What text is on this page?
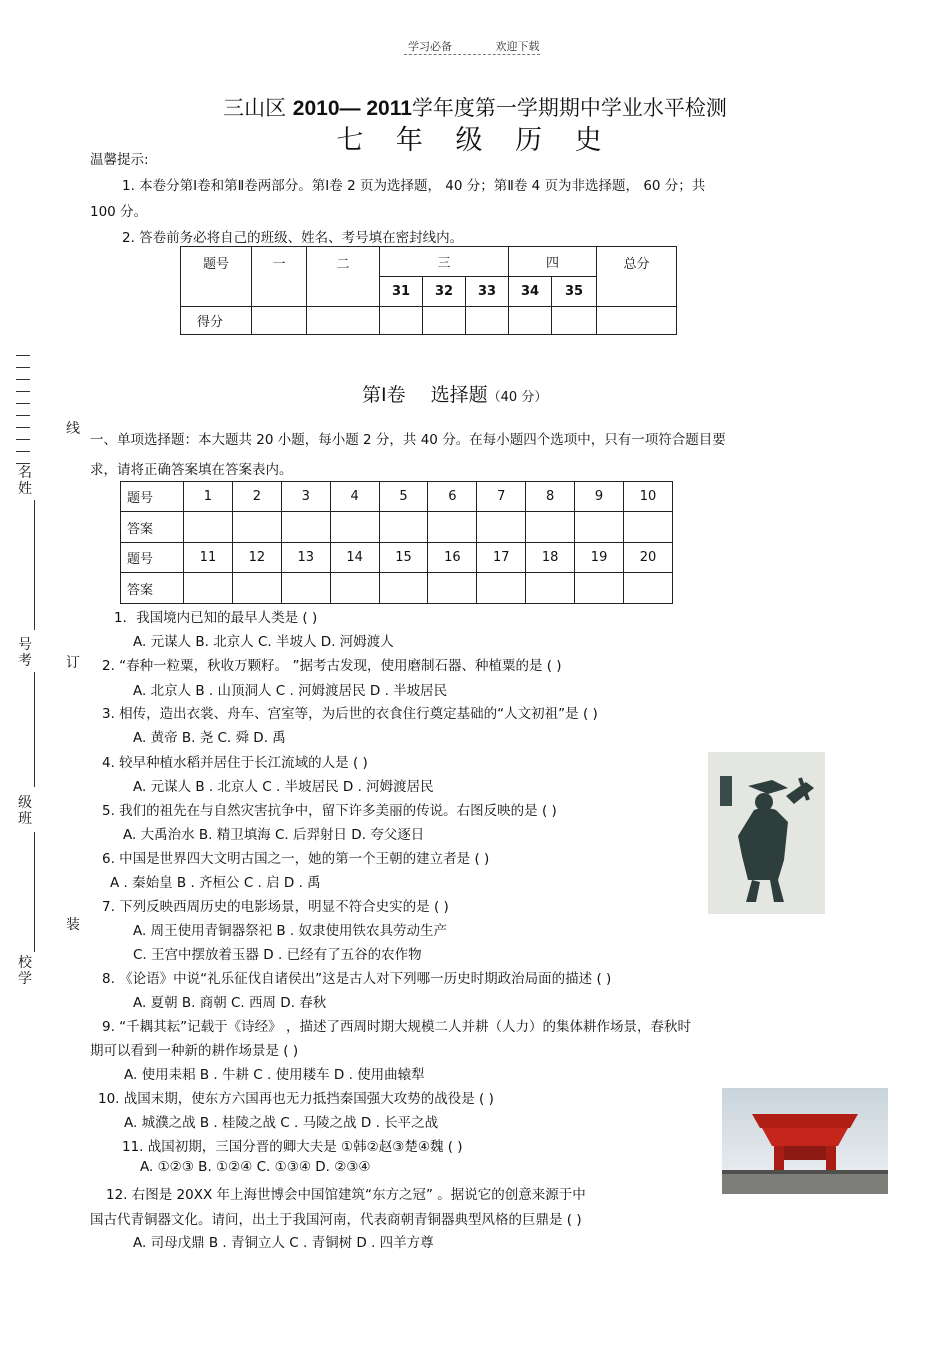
学习必备	欢迎下载
三山区 2010— 2011学年度第一学期期中学业水平检测
七 年 级 历 史
温馨提示:
1. 本卷分第Ⅰ卷和第Ⅱ卷两部分。第Ⅰ卷 2 页为选择题， 40 分；第Ⅱ卷 4 页为非选择题， 60 分；共
100 分。
2. 答卷前务必将自己的班级、姓名、考号填在密封线内。
题号	一	二	三			四		总分
			31	32	33	34	35	
得分								
名
姓
号
考
级
班
校
学
线
订
装
第Ⅰ卷　 选择题（40 分）
一、单项选择题：本大题共 20 小题，每小题 2 分，共 40 分。在每小题四个选项中，只有一项符合题目要
求，请将正确答案填在答案表内。
题号	1	2	3	4	5	6	7	8	9	10
答案										
题号	11	12	13	14	15	16	17	18	19	20
答案										
1．我国境内已知的最早人类是 ( )
A. 元谋人 B. 北京人 C. 半坡人 D. 河姆渡人
2. “春种一粒粟，秋收万颗籽。 ”据考古发现，使用磨制石器、种植粟的是 ( )
A. 北京人 B . 山顶洞人 C . 河姆渡居民 D . 半坡居民
3. 相传，造出衣裳、舟车、宫室等，为后世的衣食住行奠定基础的“人文初祖”是 ( )
A. 黄帝 B. 尧 C. 舜 D. 禹
4. 较早种植水稻并居住于长江流域的人是 ( )
A. 元谋人 B . 北京人 C . 半坡居民 D . 河姆渡居民
5. 我们的祖先在与自然灾害抗争中，留下许多美丽的传说。右图反映的是 ( )
A. 大禹治水 B. 精卫填海 C. 后羿射日 D. 夸父逐日
6. 中国是世界四大文明古国之一，她的第一个王朝的建立者是 ( )
A . 秦始皇 B . 齐桓公 C . 启 D . 禹
7. 下列反映西周历史的电影场景，明显不符合史实的是 ( )
A. 周王使用青铜器祭祀 B . 奴隶使用铁农具劳动生产
C. 王宫中摆放着玉器 D . 已经有了五谷的农作物
8. 《论语》中说“礼乐征伐自诸侯出”这是古人对下列哪一历史时期政治局面的描述 ( )
A. 夏朝 B. 商朝 C. 西周 D. 春秋
9. “千耦其耘”记载于《诗经》 ，描述了西周时期大规模二人并耕（人力）的集体耕作场景，春秋时
期可以看到一种新的耕作场景是 ( )
A. 使用耒耜 B . 牛耕 C . 使用耧车 D . 使用曲辕犁
10. 战国末期，使东方六国再也无力抵挡秦国强大攻势的战役是 ( )
A. 城濮之战 B . 桂陵之战 C . 马陵之战 D . 长平之战
11. 战国初期，三国分晋的卿大夫是 ①韩②赵③楚④魏 ( )
A. ①②③ B. ①②④ C. ①③④ D. ②③④
12. 右图是 20XX 年上海世博会中国馆建筑“东方之冠” 。据说它的创意来源于中
国古代青铜器文化。请问，出土于我国河南，代表商朝青铜器典型风格的巨鼎是 ( )
A. 司母戊鼎 B . 青铜立人 C . 青铜树 D . 四羊方尊
